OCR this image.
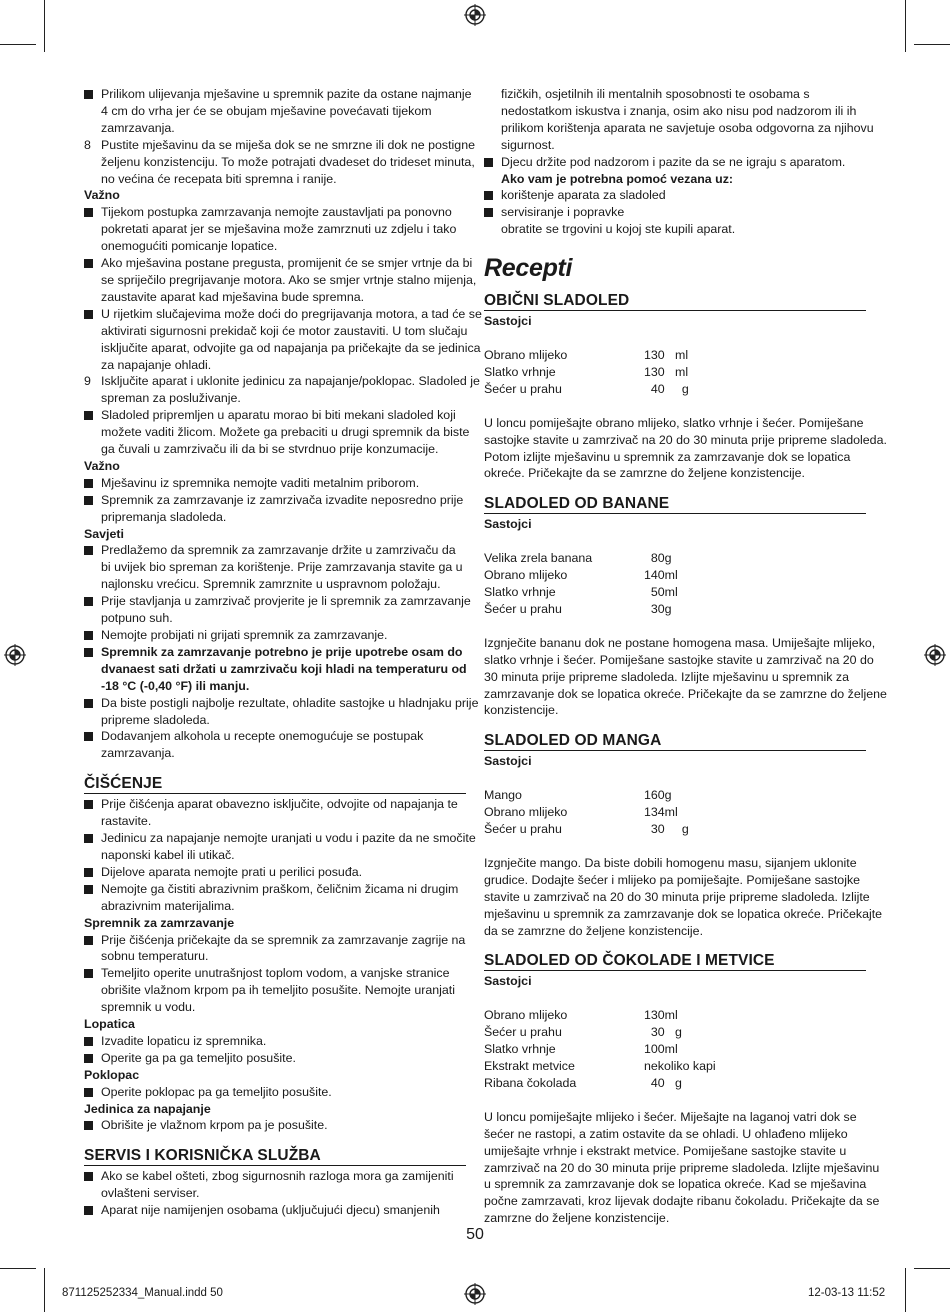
Prilikom ulijevanja mješavine u spremnik pazite da ostane najmanje
4 cm do vrha jer će se obujam mješavine povećavati tijekom
zamrzavanja.
8 Pustite mješavinu da se miješa dok se ne smrzne ili dok ne postigne
željenu konzistenciju. To može potrajati dvadeset do trideset minuta,
no većina će recepata biti spremna i ranije.
Važno
Tijekom postupka zamrzavanja nemojte zaustavljati pa ponovno
pokretati aparat jer se mješavina može zamrznuti uz zdjelu i tako
onemogućiti pomicanje lopatice.
Ako mješavina postane pregusta, promijenit će se smjer vrtnje da bi
se spriječilo pregrijavanje motora. Ako se smjer vrtnje stalno mijenja,
zaustavite aparat kad mješavina bude spremna.
U rijetkim slučajevima može doći do pregrijavanja motora, a tad će se
aktivirati sigurnosni prekidač koji će motor zaustaviti. U tom slučaju
isključite aparat, odvojite ga od napajanja pa pričekajte da se jedinica
za napajanje ohladi.
9 Isključite aparat i uklonite jedinicu za napajanje/poklopac. Sladoled je
spreman za posluživanje.
Sladoled pripremljen u aparatu morao bi biti mekani sladoled koji
možete vaditi žlicom. Možete ga prebaciti u drugi spremnik da biste
ga čuvali u zamrzivaču ili da bi se stvrdnuo prije konzumacije.
Važno
Mješavinu iz spremnika nemojte vaditi metalnim priborom.
Spremnik za zamrzavanje iz zamrzivača izvadite neposredno prije
pripremanja sladoleda.
Savjeti
Predlažemo da spremnik za zamrzavanje držite u zamrzivaču da
bi uvijek bio spreman za korištenje. Prije zamrzavanja stavite ga u
najlonsku vrećicu. Spremnik zamrznite u uspravnom položaju.
Prije stavljanja u zamrzivač provjerite je li spremnik za zamrzavanje
potpuno suh.
Nemojte probijati ni grijati spremnik za zamrzavanje.
Spremnik za zamrzavanje potrebno je prije upotrebe osam do
dvanaest sati držati u zamrzivaču koji hladi na temperaturu od
-18 °C (-0,40 °F) ili manju.
Da biste postigli najbolje rezultate, ohladite sastojke u hladnjaku prije
pripreme sladoleda.
Dodavanjem alkohola u recepte onemogućuje se postupak
zamrzavanja.
ČIŠĆENJE
Prije čišćenja aparat obavezno isključite, odvojite od napajanja te
rastavite.
Jedinicu za napajanje nemojte uranjati u vodu i pazite da ne smočite
naponski kabel ili utikač.
Dijelove aparata nemojte prati u perilici posuđa.
Nemojte ga čistiti abrazivnim praškom, čeličnim žicama ni drugim
abrazivnim materijalima.
Spremnik za zamrzavanje
Prije čišćenja pričekajte da se spremnik za zamrzavanje zagrije na
sobnu temperaturu.
Temeljito operite unutrašnjost toplom vodom, a vanjske stranice
obrišite vlažnom krpom pa ih temeljito posušite. Nemojte uranjati
spremnik u vodu.
Lopatica
Izvadite lopaticu iz spremnika.
Operite ga pa ga temeljito posušite.
Poklopac
Operite poklopac pa ga temeljito posušite.
Jedinica za napajanje
Obrišite je vlažnom krpom pa je posušite.
SERVIS I KORISNIČKA SLUŽBA
Ako se kabel ošteti, zbog sigurnosnih razloga mora ga zamijeniti
ovlašteni serviser.
Aparat nije namijenjen osobama (uključujući djecu) smanjenih
fizičkih, osjetilnih ili mentalnih sposobnosti te osobama s
nedostatkom iskustva i znanja, osim ako nisu pod nadzorom ili ih
prilikom korištenja aparata ne savjetuje osoba odgovorna za njihovu
sigurnost.
Djecu držite pod nadzorom i pazite da se ne igraju s aparatom.
Ako vam je potrebna pomoć vezana uz:
korištenje aparata za sladoled
servisiranje i popravke
obratite se trgovini u kojoj ste kupili aparat.
Recepti
OBIČNI SLADOLED
Sastojci
Obrano mlijeko	130   ml
Slatko vrhnje	130   ml
Šećer u prahu	40     g
U loncu pomiješajte obrano mlijeko, slatko vrhnje i šećer. Pomiješane
sastojke stavite u zamrzivač na 20 do 30 minuta prije pripreme sladoleda.
Potom izlijte mješavinu u spremnik za zamrzavanje dok se lopatica
okreće. Pričekajte da se zamrzne do željene konzistencije.
SLADOLED OD BANANE
Sastojci
Velika zrela banana	80g
Obrano mlijeko	140ml
Slatko vrhnje	50ml
Šećer u prahu	30g
Izgnječite bananu dok ne postane homogena masa. Umiješajte mlijeko,
slatko vrhnje i šećer. Pomiješane sastojke stavite u zamrzivač na 20 do
30 minuta prije pripreme sladoleda. Izlijte mješavinu u spremnik za
zamrzavanje dok se lopatica okreće. Pričekajte da se zamrzne do željene
konzistencije.
SLADOLED OD MANGA
Sastojci
Mango	160g
Obrano mlijeko	134ml
Šećer u prahu	30     g
Izgnječite mango. Da biste dobili homogenu masu, sijanjem uklonite
grudice. Dodajte šećer i mlijeko pa pomiješajte. Pomiješane sastojke
stavite u zamrzivač na 20 do 30 minuta prije pripreme sladoleda. Izlijte
mješavinu u spremnik za zamrzavanje dok se lopatica okreće. Pričekajte
da se zamrzne do željene konzistencije.
SLADOLED OD ČOKOLADE I METVICE
Sastojci
Obrano mlijeko	130ml
Šećer u prahu	30   g
Slatko vrhnje	100ml
Ekstrakt metvice	nekoliko kapi
Ribana čokolada	40   g
U loncu pomiješajte mlijeko i šećer. Miješajte na laganoj vatri dok se
šećer ne rastopi, a zatim ostavite da se ohladi. U ohlađeno mlijeko
umiješajte vrhnje i ekstrakt metvice. Pomiješane sastojke stavite u
zamrzivač na 20 do 30 minuta prije pripreme sladoleda. Izlijte mješavinu
u spremnik za zamrzavanje dok se lopatica okreće. Kad se mješavina
počne zamrzavati, kroz lijevak dodajte ribanu čokoladu. Pričekajte da se
zamrzne do željene konzistencije.
50
871125252334_Manual.indd 50	12-03-13 11:52
